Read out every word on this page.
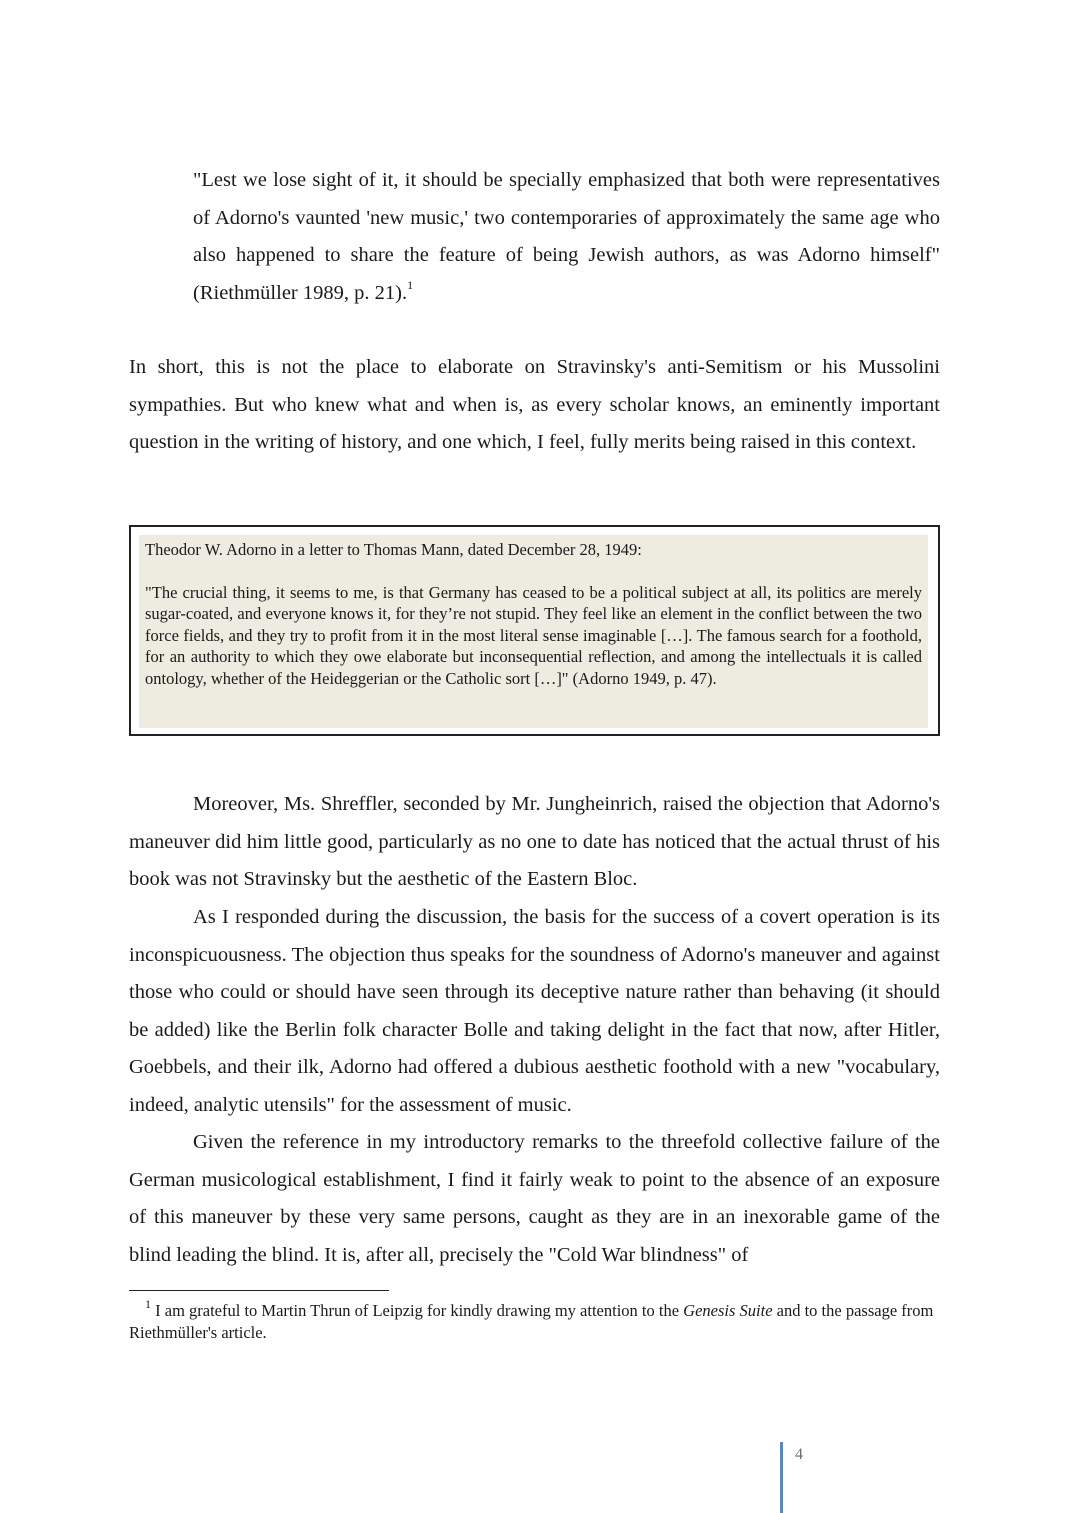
"Lest we lose sight of it, it should be specially emphasized that both were representatives of Adorno's vaunted 'new music,' two contemporaries of approximately the same age who also happened to share the feature of being Jewish authors, as was Adorno himself" (Riethmüller 1989, p. 21).$^1$

In short, this is not the place to elaborate on Stravinsky's anti-Semitism or his Mussolini sympathies. But who knew what and when is, as every scholar knows, an eminently important question in the writing of history, and one which, I feel, fully merits being raised in this context.

Theodor W. Adorno in a letter to Thomas Mann, dated December 28, 1949:

"The crucial thing, it seems to me, is that Germany has ceased to be a political subject at all, its politics are merely sugar-coated, and everyone knows it, for they’re not stupid. They feel like an element in the conflict between the two force fields, and they try to profit from it in the most literal sense imaginable […]. The famous search for a foothold, for an authority to which they owe elaborate but inconsequential reflection, and among the intellectuals it is called ontology, whether of the Heideggerian or the Catholic sort […]" (Adorno 1949, p. 47).

Moreover, Ms. Shreffler, seconded by Mr. Jungheinrich, raised the objection that Adorno's maneuver did him little good, particularly as no one to date has noticed that the actual thrust of his book was not Stravinsky but the aesthetic of the Eastern Bloc.

As I responded during the discussion, the basis for the success of a covert operation is its inconspicuousness. The objection thus speaks for the soundness of Adorno's maneuver and against those who could or should have seen through its deceptive nature rather than behaving (it should be added) like the Berlin folk character Bolle and taking delight in the fact that now, after Hitler, Goebbels, and their ilk, Adorno had offered a dubious aesthetic foothold with a new "vocabulary, indeed, analytic utensils" for the assessment of music.

Given the reference in my introductory remarks to the threefold collective failure of the German musicological establishment, I find it fairly weak to point to the absence of an exposure of this maneuver by these very same persons, caught as they are in an inexorable game of the blind leading the blind. It is, after all, precisely the "Cold War blindness" of

$^1$ I am grateful to Martin Thrun of Leipzig for kindly drawing my attention to the Genesis Suite and to the passage from Riethmüller's article.

4
